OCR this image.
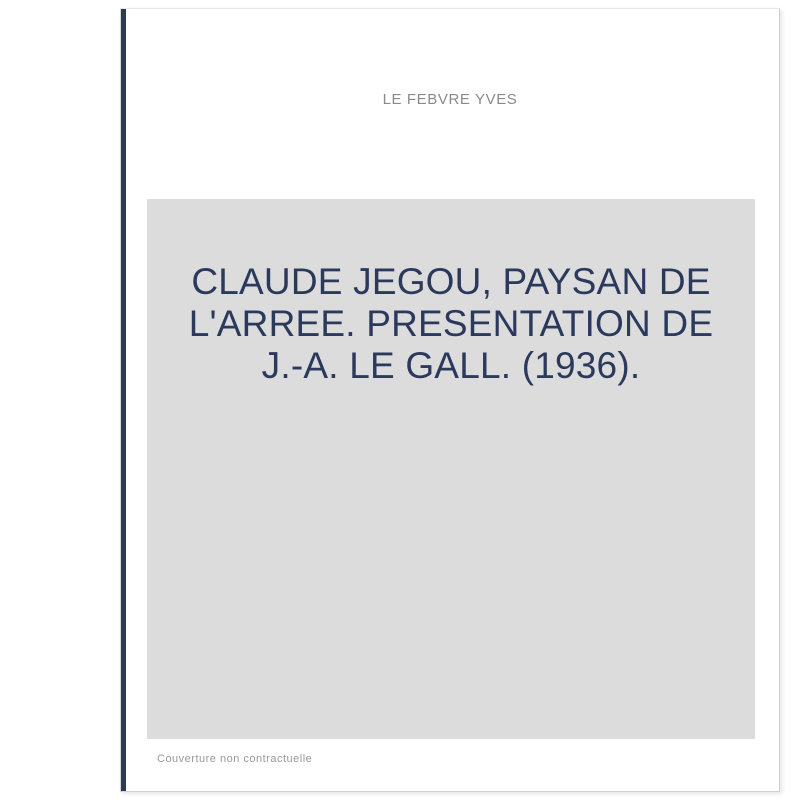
LE FEBVRE YVES
CLAUDE JEGOU, PAYSAN DE L'ARREE. PRESENTATION DE J.-A. LE GALL. (1936).
Couverture non contractuelle
